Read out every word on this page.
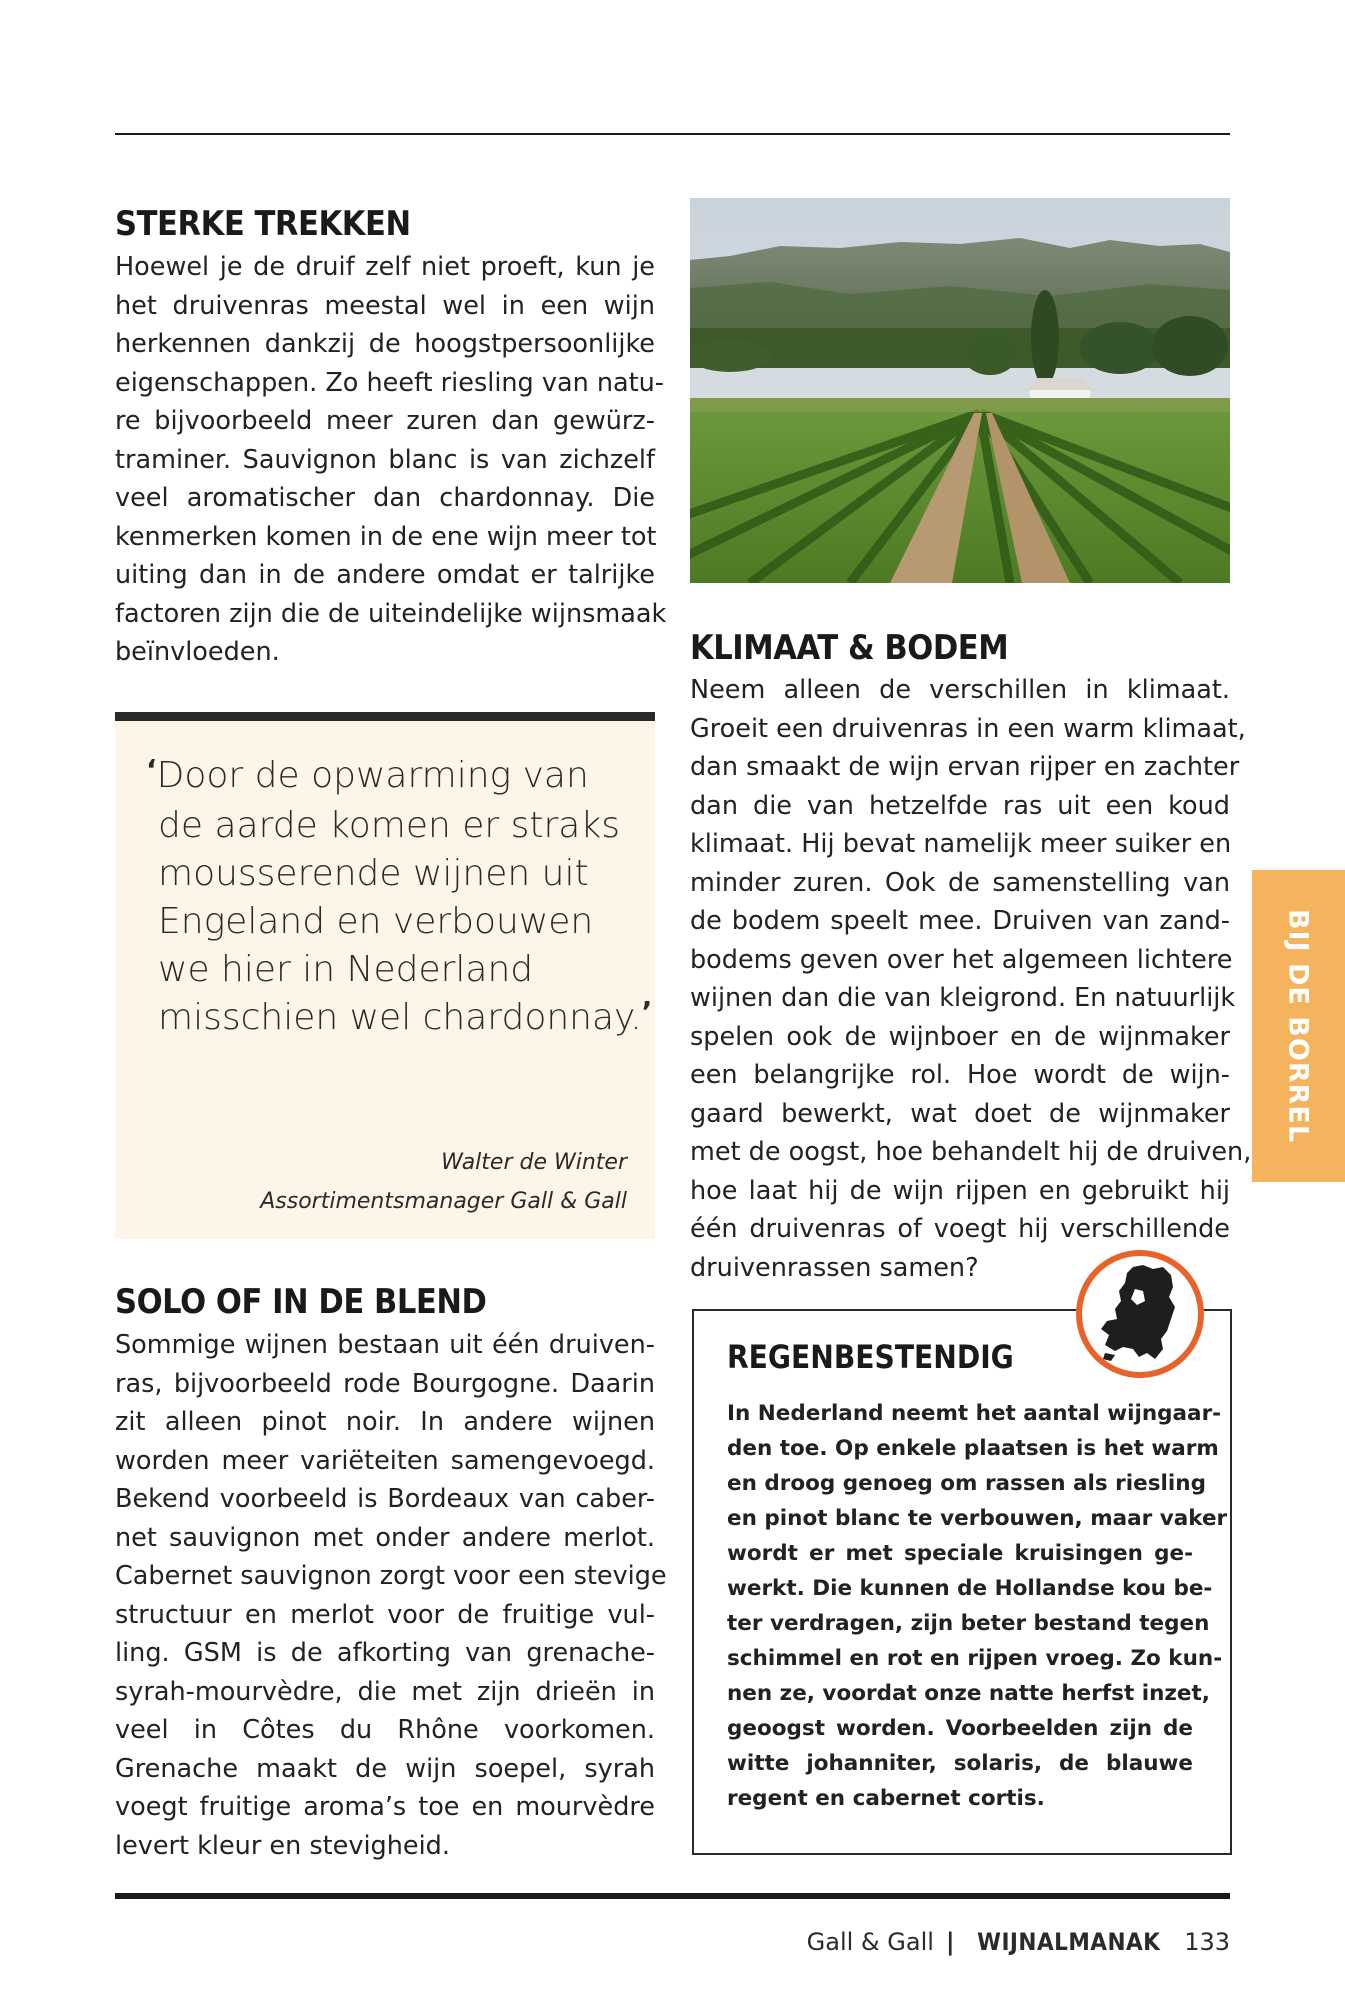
STERKE TREKKEN
Hoewel je de druif zelf niet proeft, kun je
het druivenras meestal wel in een wijn
herkennen dankzij de hoogstpersoonlijke
eigenschappen. Zo heeft riesling van natu-
re bijvoorbeeld meer zuren dan gewürz-
traminer. Sauvignon blanc is van zichzelf
veel aromatischer dan chardonnay. Die
kenmerken komen in de ene wijn meer tot
uiting dan in de andere omdat er talrijke
factoren zijn die de uiteindelijke wijnsmaak
beïnvloeden.
‘Door de opwarming van
de aarde komen er straks
mousserende wijnen uit
Engeland en verbouwen
we hier in Nederland
misschien wel chardonnay.’
Walter de Winter
Assortimentsmanager Gall & Gall
SOLO OF IN DE BLEND
Sommige wijnen bestaan uit één druiven-
ras, bijvoorbeeld rode Bourgogne. Daarin
zit alleen pinot noir. In andere wijnen
worden meer variëteiten samengevoegd.
Bekend voorbeeld is Bordeaux van caber-
net sauvignon met onder andere merlot.
Cabernet sauvignon zorgt voor een stevige
structuur en merlot voor de fruitige vul-
ling. GSM is de afkorting van grenache-
syrah-mourvèdre, die met zijn drieën in
veel in Côtes du Rhône voorkomen.
Grenache maakt de wijn soepel, syrah
voegt fruitige aroma’s toe en mourvèdre
levert kleur en stevigheid.
KLIMAAT & BODEM
Neem alleen de verschillen in klimaat.
Groeit een druivenras in een warm klimaat,
dan smaakt de wijn ervan rijper en zachter
dan die van hetzelfde ras uit een koud
klimaat. Hij bevat namelijk meer suiker en
minder zuren. Ook de samenstelling van
de bodem speelt mee. Druiven van zand-
bodems geven over het algemeen lichtere
wijnen dan die van kleigrond. En natuurlijk
spelen ook de wijnboer en de wijnmaker
een belangrijke rol. Hoe wordt de wijn-
gaard bewerkt, wat doet de wijnmaker
met de oogst, hoe behandelt hij de druiven,
hoe laat hij de wijn rijpen en gebruikt hij
één druivenras of voegt hij verschillende
druivenrassen samen?
BIJ DE BORREL
REGENBESTENDIG
In Nederland neemt het aantal wijngaar-
den toe. Op enkele plaatsen is het warm
en droog genoeg om rassen als riesling
en pinot blanc te verbouwen, maar vaker
wordt er met speciale kruisingen ge-
werkt. Die kunnen de Hollandse kou be-
ter verdragen, zijn beter bestand tegen
schimmel en rot en rijpen vroeg. Zo kun-
nen ze, voordat onze natte herfst inzet,
geoogst worden. Voorbeelden zijn de
witte johanniter, solaris, de blauwe
regent en cabernet cortis.
Gall & Gall | WIJNALMANAK 133
